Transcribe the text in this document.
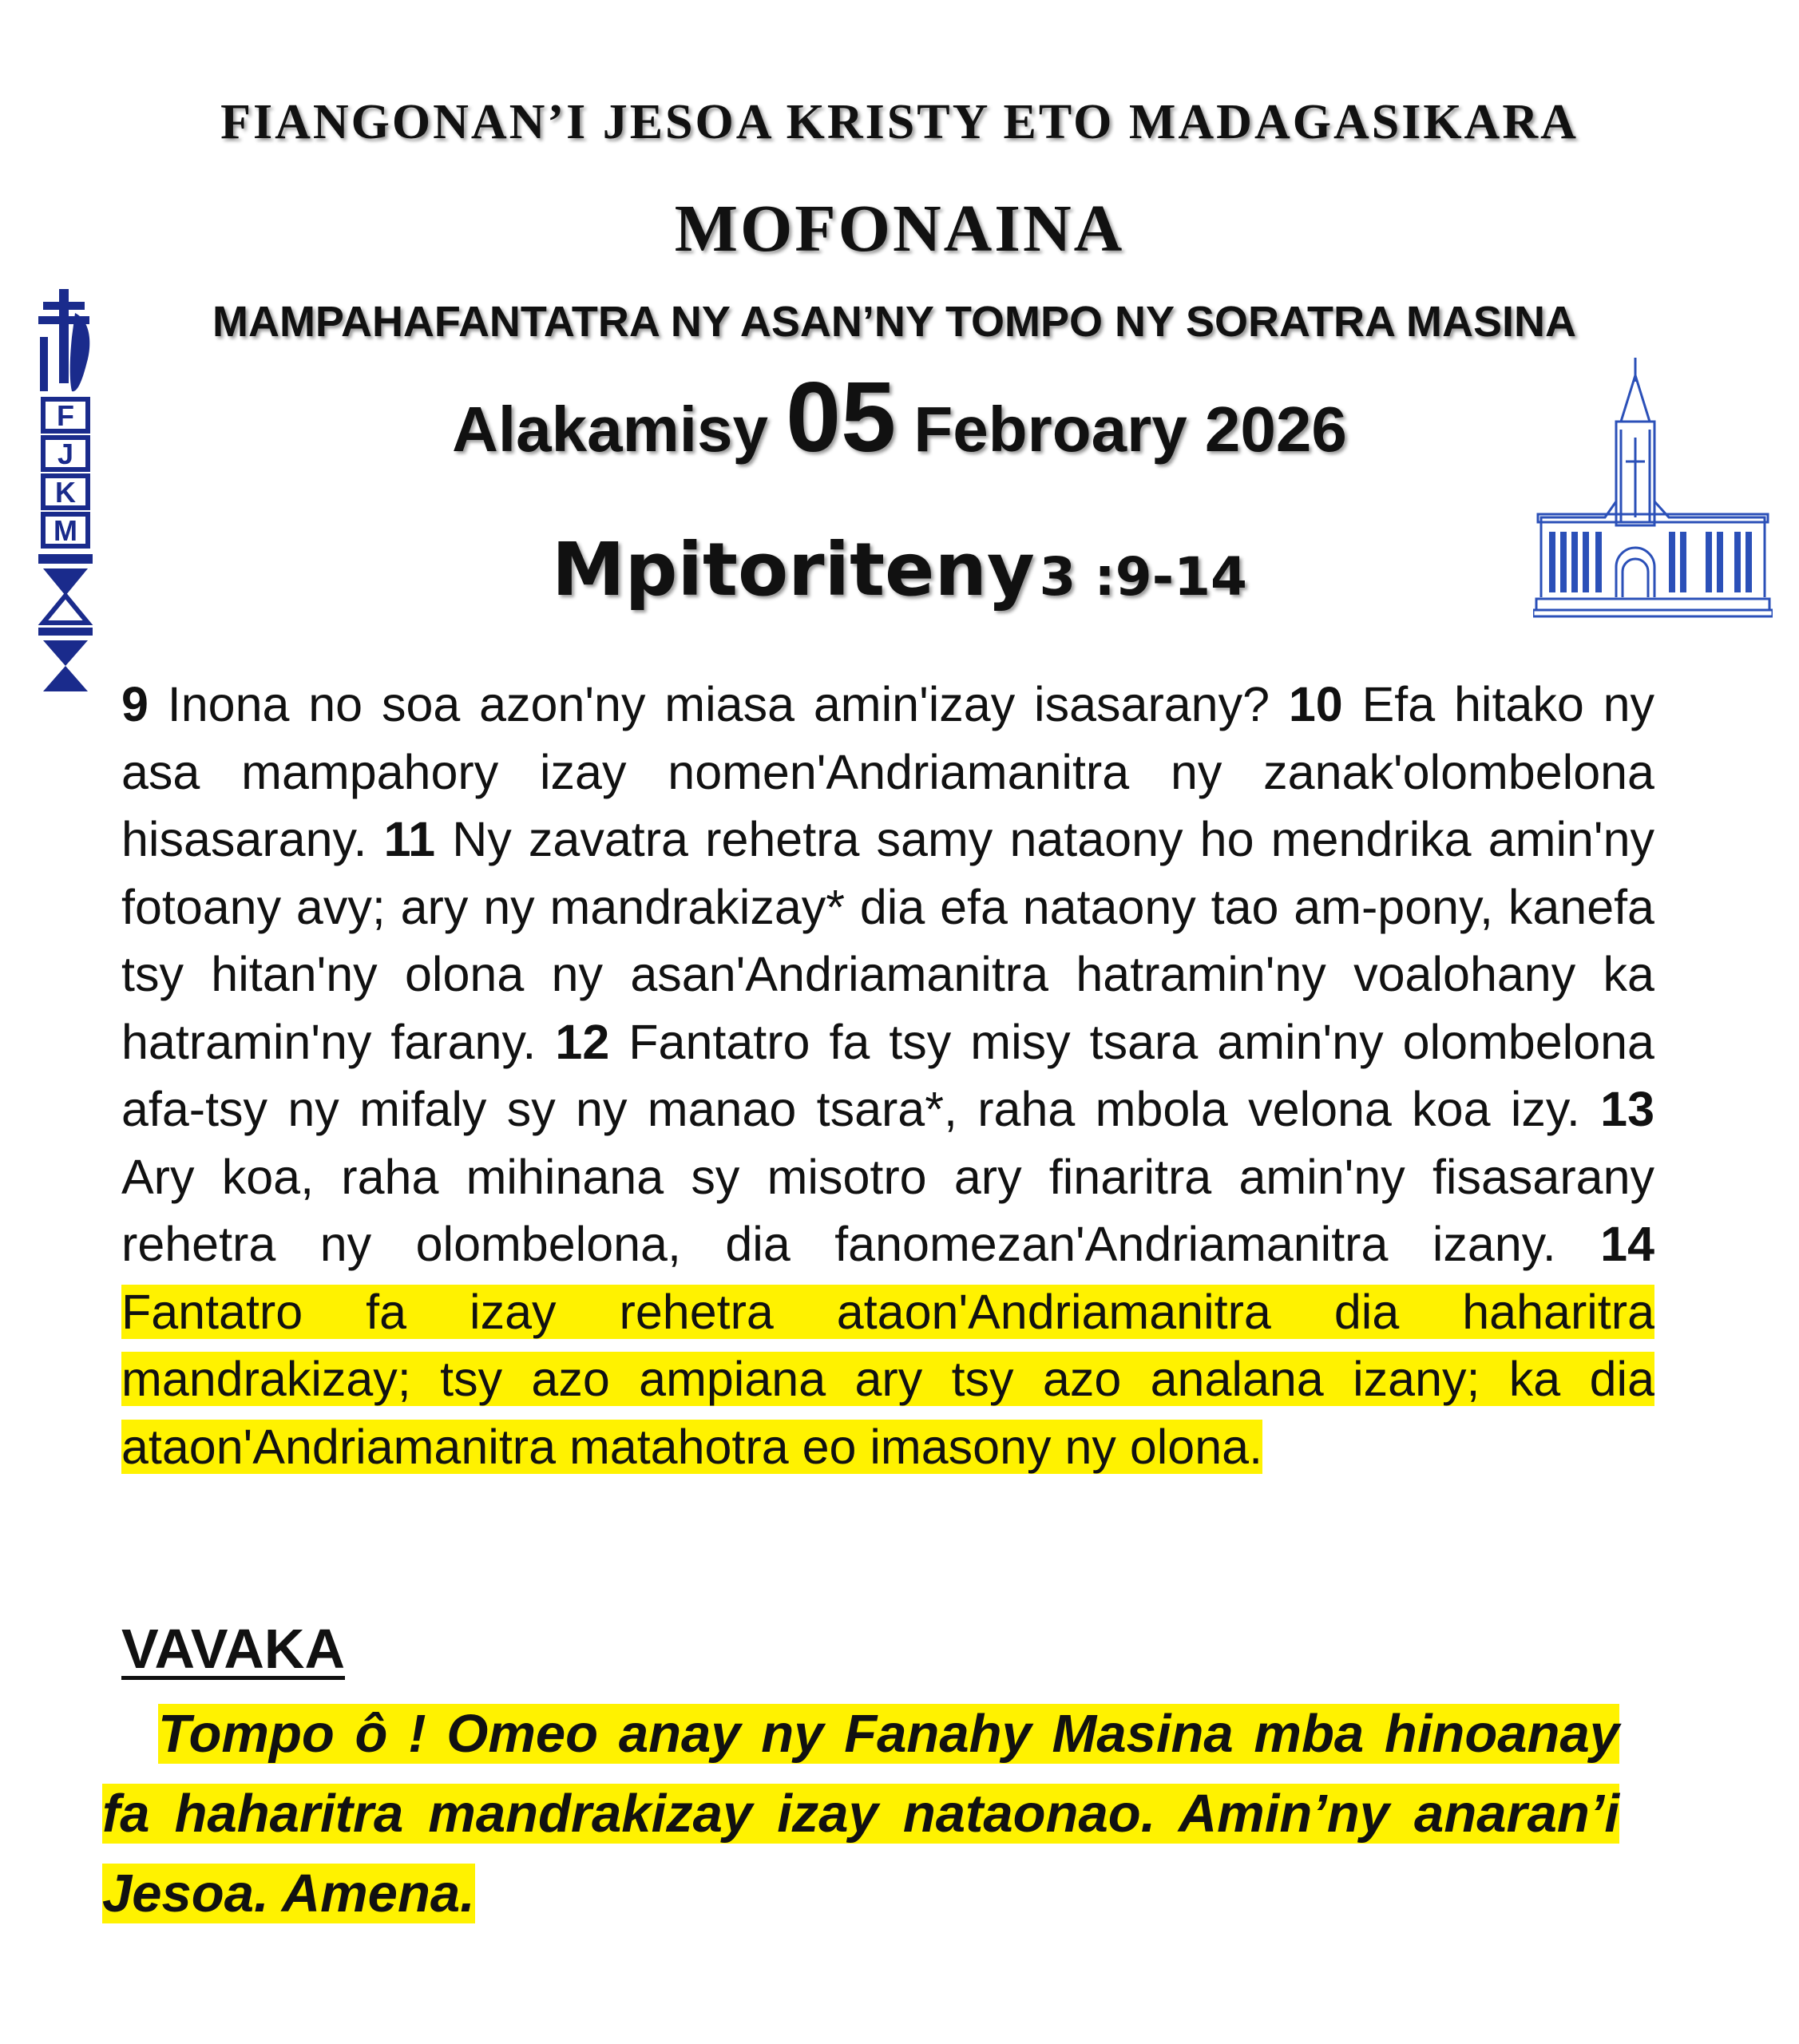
FIANGONAN’I JESOA KRISTY ETO MADAGASIKARA
MOFONAINA
MAMPAHAFANTATRA NY ASAN’NY TOMPO NY SORATRA MASINA
Alakamisy 05 Febroary 2026
Mpitoriteny 3 :9-14
F
J
K
M
9 Inona no soa azon'ny miasa amin'izay isasarany? 10 Efa hitako ny asa mampahory izay nomen'Andriamanitra ny zanak'olombelona hisasarany. 11 Ny zavatra rehetra samy nataony ho mendrika amin'ny fotoany avy; ary ny mandrakizay* dia efa nataony tao am-pony, kanefa tsy hitan'ny olona ny asan'Andriamanitra hatramin'ny voalohany ka hatramin'ny farany. 12 Fantatro fa tsy misy tsara amin'ny olombelona afa-tsy ny mifaly sy ny manao tsara*, raha mbola velona koa izy. 13 Ary koa, raha mihinana sy misotro ary finaritra amin'ny fisasarany rehetra ny olombelona, dia fanomezan'Andriamanitra izany. 14 Fantatro fa izay rehetra ataon'Andriamanitra dia haharitra mandrakizay; tsy azo ampiana ary tsy azo analana izany; ka dia ataon'Andriamanitra matahotra eo imasony ny olona.
VAVAKA
Tompo ô ! Omeo anay ny Fanahy Masina mba hinoanay fa haharitra mandrakizay izay nataonao. Amin’ny anaran’i Jesoa. Amena.
